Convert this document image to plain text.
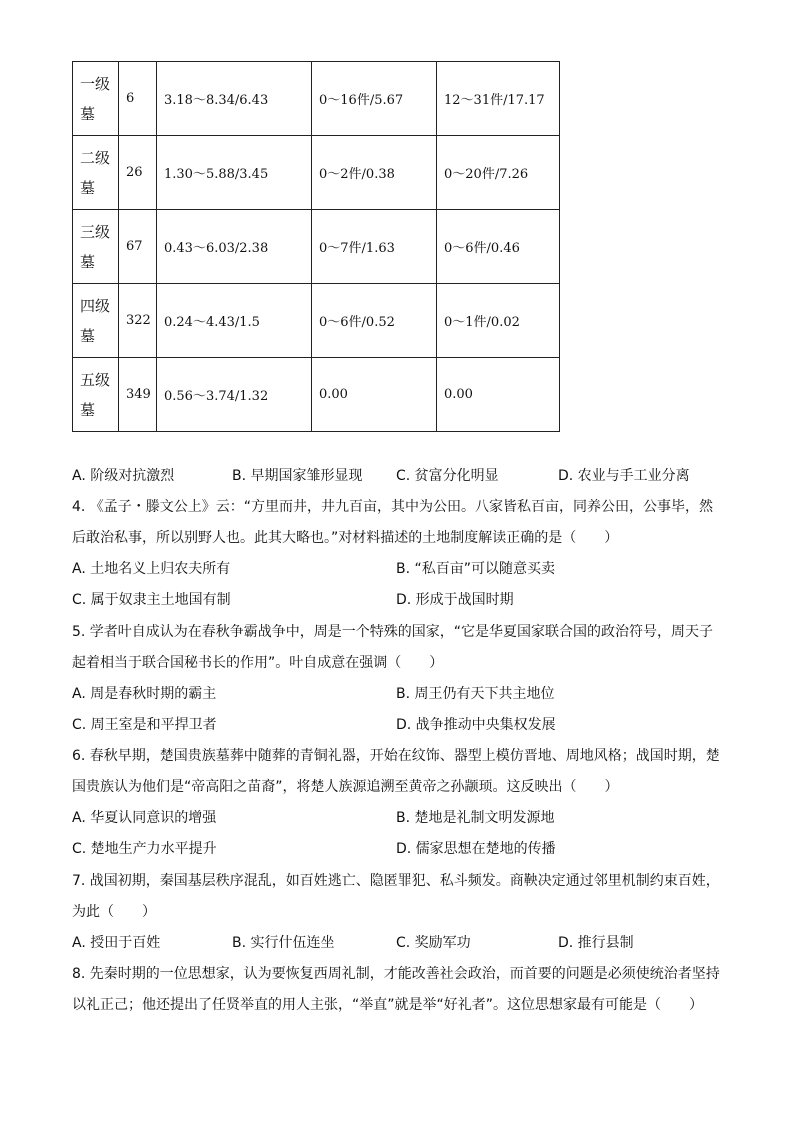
一级墓	6	3.18～8.34/6.43	0～16件/5.67	12～31件/17.17
二级墓	26	1.30～5.88/3.45	0～2件/0.38	0～20件/7.26
三级墓	67	0.43～6.03/2.38	0～7件/1.63	0～6件/0.46
四级墓	322	0.24～4.43/1.5	0～6件/0.52	0～1件/0.02
五级墓	349	0.56～3.74/1.32	0.00	0.00
A. 阶级对抗激烈	B. 早期国家雏形显现 C. 贫富分化明显	D. 农业与手工业分离
4. 《孟子・滕文公上》云：“方里而井，井九百亩，其中为公田。八家皆私百亩，同养公田，公事毕，然后敢治私事，所以别野人也。此其大略也。”对材料描述的土地制度解读正确的是（　　）
A. 土地名义上归农夫所有	B. “私百亩”可以随意买卖
C. 属于奴隶主土地国有制	D. 形成于战国时期
5. 学者叶自成认为在春秋争霸战争中，周是一个特殊的国家，“它是华夏国家联合国的政治符号，周天子起着相当于联合国秘书长的作用”。叶自成意在强调（　　）
A. 周是春秋时期的霸主	B. 周王仍有天下共主地位
C. 周王室是和平捍卫者	D. 战争推动中央集权发展
6. 春秋早期，楚国贵族墓葬中随葬的青铜礼器，开始在纹饰、器型上模仿晋地、周地风格；战国时期，楚国贵族认为他们是“帝高阳之苗裔”，将楚人族源追溯至黄帝之孙颛顼。这反映出（　　）
A. 华夏认同意识的增强	B. 楚地是礼制文明发源地
C. 楚地生产力水平提升	D. 儒家思想在楚地的传播
7. 战国初期，秦国基层秩序混乱，如百姓逃亡、隐匿罪犯、私斗频发。商鞅决定通过邻里机制约束百姓，为此（　　）
A. 授田于百姓	B. 实行什伍连坐	C. 奖励军功	D. 推行县制
8. 先秦时期的一位思想家，认为要恢复西周礼制，才能改善社会政治，而首要的问题是必须使统治者坚持以礼正己；他还提出了任贤举直的用人主张，“举直”就是举“好礼者”。这位思想家最有可能是（　　）
